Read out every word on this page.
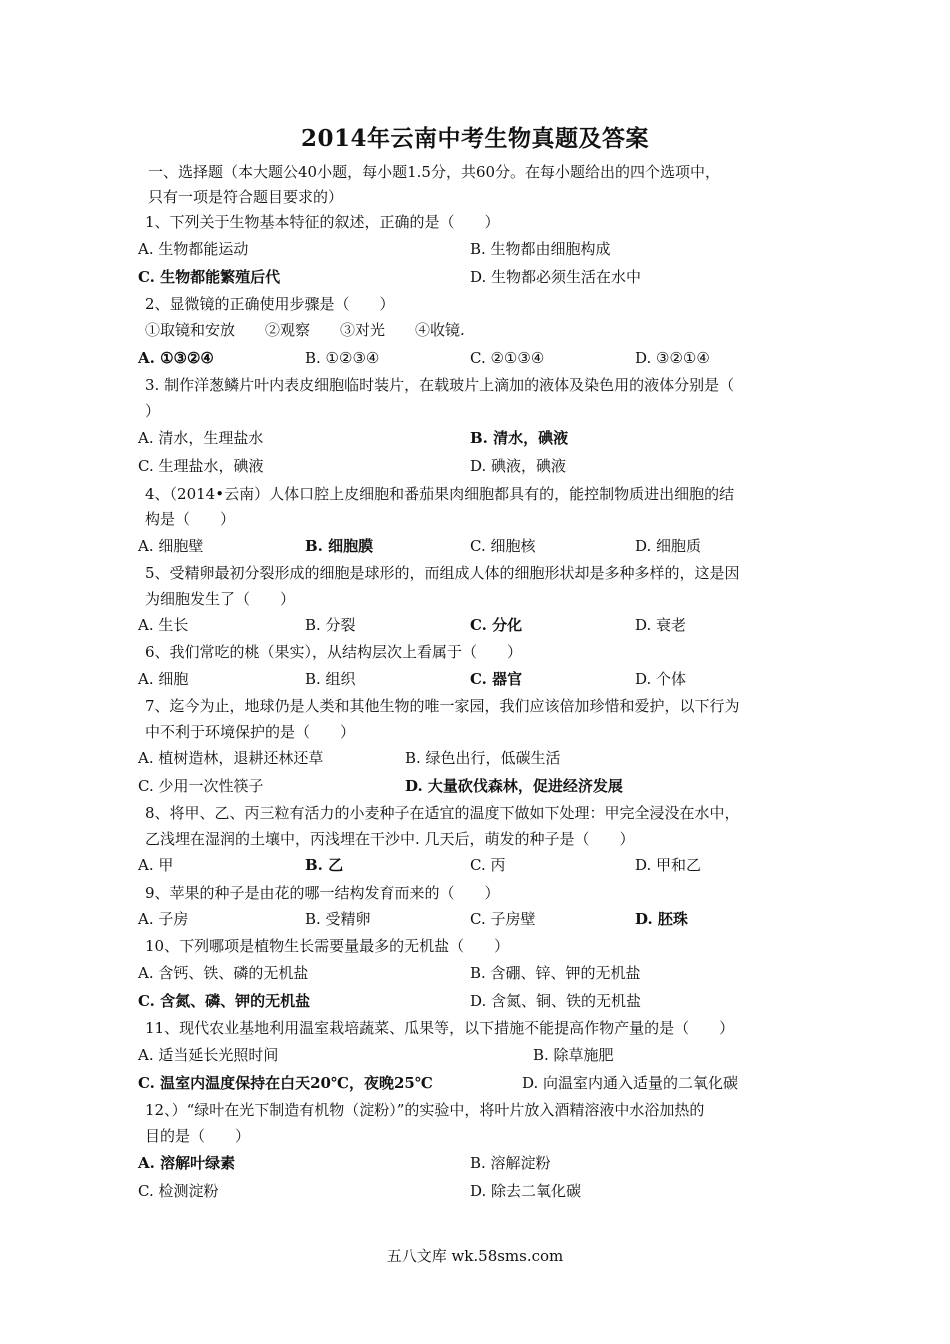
2014年云南中考生物真题及答案
一、选择题（本大题公40小题，每小题1.5分，共60分。在每小题给出的四个选项中，
只有一项是符合题目要求的）
1、下列关于生物基本特征的叙述，正确的是（　　）
A. 生物都能运动	B. 生物都由细胞构成
C. 生物都能繁殖后代	D. 生物都必须生活在水中
2、显微镜的正确使用步骤是（　　）
①取镜和安放　　②观察　　③对光　　④收镜.
A. ①③②④	B. ①②③④	C. ②①③④	D. ③②①④
3. 制作洋葱鳞片叶内表皮细胞临时装片，在载玻片上滴加的液体及染色用的液体分别是（
）
A. 清水，生理盐水	B. 清水，碘液
C. 生理盐水，碘液	D. 碘液，碘液
4、（2014•云南）人体口腔上皮细胞和番茄果肉细胞都具有的，能控制物质进出细胞的结
构是（　　）
A. 细胞壁	B. 细胞膜	C. 细胞核	D. 细胞质
5、受精卵最初分裂形成的细胞是球形的，而组成人体的细胞形状却是多种多样的，这是因
为细胞发生了（　　）
A. 生长	B. 分裂	C. 分化	D. 衰老
6、我们常吃的桃（果实），从结构层次上看属于（　　）
A. 细胞	B. 组织	C. 器官	D. 个体
7、迄今为止，地球仍是人类和其他生物的唯一家园，我们应该倍加珍惜和爱护，以下行为
中不利于环境保护的是（　　）
A. 植树造林，退耕还林还草	B. 绿色出行，低碳生活
C. 少用一次性筷子	D. 大量砍伐森林，促进经济发展
8、将甲、乙、丙三粒有活力的小麦种子在适宜的温度下做如下处理：甲完全浸没在水中，
乙浅埋在湿润的土壤中，丙浅埋在干沙中. 几天后，萌发的种子是（　　）
A. 甲	B. 乙	C. 丙	D. 甲和乙
9、苹果的种子是由花的哪一结构发育而来的（　　）
A. 子房	B. 受精卵	C. 子房壁	D. 胚珠
10、下列哪项是植物生长需要量最多的无机盐（　　）
A. 含钙、铁、磷的无机盐	B. 含硼、锌、钾的无机盐
C. 含氮、磷、钾的无机盐	D. 含氮、铜、铁的无机盐
11、现代农业基地利用温室栽培蔬菜、瓜果等，以下措施不能提高作物产量的是（　　）
A. 适当延长光照时间	B. 除草施肥
C. 温室内温度保持在白天20℃，夜晚25℃	D. 向温室内通入适量的二氧化碳
12、）“绿叶在光下制造有机物（淀粉）”的实验中，将叶片放入酒精溶液中水浴加热的
目的是（　　）
A. 溶解叶绿素	B. 溶解淀粉
C. 检测淀粉	D. 除去二氧化碳
五八文库 wk.58sms.com
